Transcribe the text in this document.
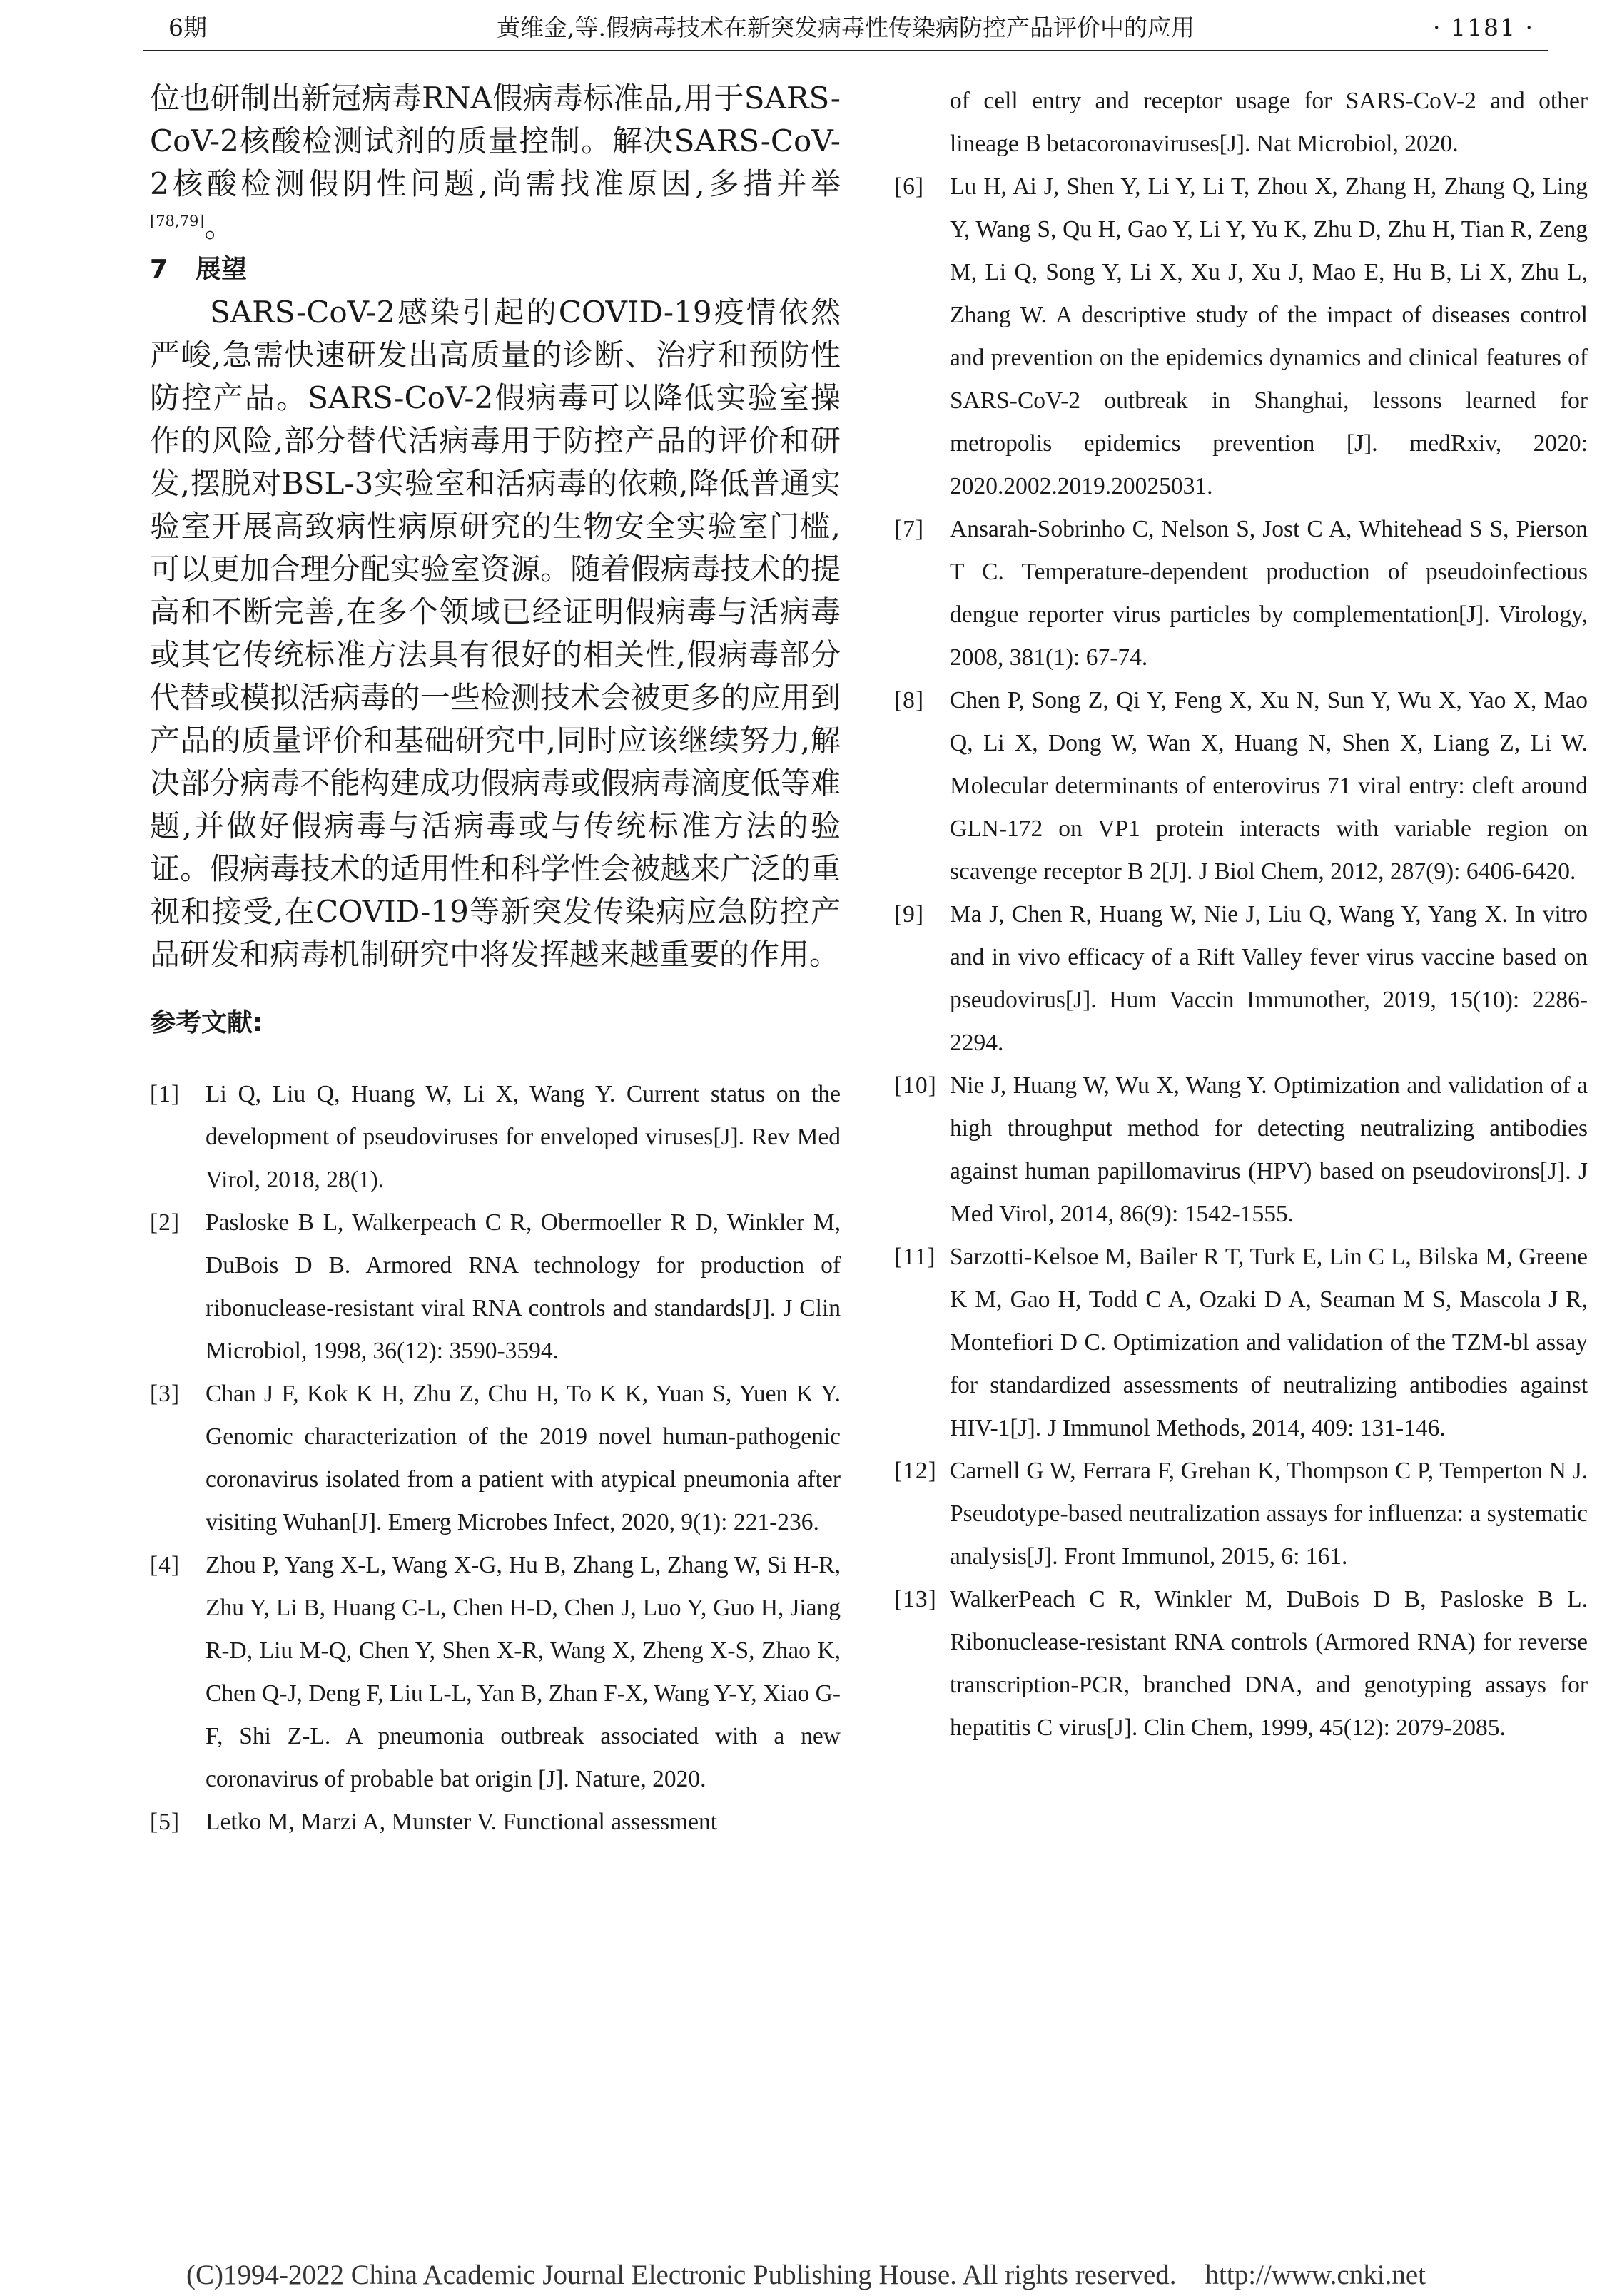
6期	黄维金,等.假病毒技术在新突发病毒性传染病防控产品评价中的应用	· 1181 ·

位也研制出新冠病毒RNA假病毒标准品,用于SARS-CoV-2核酸检测试剂的质量控制。解决SARS-CoV-2核酸检测假阴性问题,尚需找准原因,多措并举[78,79]。

7 展望

SARS-CoV-2感染引起的COVID-19疫情依然严峻,急需快速研发出高质量的诊断、治疗和预防性防控产品。SARS-CoV-2假病毒可以降低实验室操作的风险,部分替代活病毒用于防控产品的评价和研发,摆脱对BSL-3实验室和活病毒的依赖,降低普通实验室开展高致病性病原研究的生物安全实验室门槛,可以更加合理分配实验室资源。随着假病毒技术的提高和不断完善,在多个领域已经证明假病毒与活病毒或其它传统标准方法具有很好的相关性,假病毒部分代替或模拟活病毒的一些检测技术会被更多的应用到产品的质量评价和基础研究中,同时应该继续努力,解决部分病毒不能构建成功假病毒或假病毒滴度低等难题,并做好假病毒与活病毒或与传统标准方法的验证。假病毒技术的适用性和科学性会被越来广泛的重视和接受,在COVID-19等新突发传染病应急防控产品研发和病毒机制研究中将发挥越来越重要的作用。

参考文献:
[1] Li Q, Liu Q, Huang W, Li X, Wang Y. Current status on the development of pseudoviruses for enveloped viruses[J]. Rev Med Virol, 2018, 28(1).
[2] Pasloske B L, Walkerpeach C R, Obermoeller R D, Winkler M, DuBois D B. Armored RNA technology for production of ribonuclease-resistant viral RNA controls and standards[J]. J Clin Microbiol, 1998, 36(12): 3590-3594.
[3] Chan J F, Kok K H, Zhu Z, Chu H, To K K, Yuan S, Yuen K Y. Genomic characterization of the 2019 novel human-pathogenic coronavirus isolated from a patient with atypical pneumonia after visiting Wuhan[J]. Emerg Microbes Infect, 2020, 9(1): 221-236.
[4] Zhou P, Yang X-L, Wang X-G, Hu B, Zhang L, Zhang W, Si H-R, Zhu Y, Li B, Huang C-L, Chen H-D, Chen J, Luo Y, Guo H, Jiang R-D, Liu M-Q, Chen Y, Shen X-R, Wang X, Zheng X-S, Zhao K, Chen Q-J, Deng F, Liu L-L, Yan B, Zhan F-X, Wang Y-Y, Xiao G-F, Shi Z-L. A pneumonia outbreak associated with a new coronavirus of probable bat origin [J]. Nature, 2020.
[5] Letko M, Marzi A, Munster V. Functional assessment
of cell entry and receptor usage for SARS-CoV-2 and other lineage B betacoronaviruses[J]. Nat Microbiol, 2020.
[6] Lu H, Ai J, Shen Y, Li Y, Li T, Zhou X, Zhang H, Zhang Q, Ling Y, Wang S, Qu H, Gao Y, Li Y, Yu K, Zhu D, Zhu H, Tian R, Zeng M, Li Q, Song Y, Li X, Xu J, Xu J, Mao E, Hu B, Li X, Zhu L, Zhang W. A descriptive study of the impact of diseases control and prevention on the epidemics dynamics and clinical features of SARS-CoV-2 outbreak in Shanghai, lessons learned for metropolis epidemics prevention [J]. medRxiv, 2020: 2020.2002.2019.20025031.
[7] Ansarah-Sobrinho C, Nelson S, Jost C A, Whitehead S S, Pierson T C. Temperature-dependent production of pseudoinfectious dengue reporter virus particles by complementation[J]. Virology, 2008, 381(1): 67-74.
[8] Chen P, Song Z, Qi Y, Feng X, Xu N, Sun Y, Wu X, Yao X, Mao Q, Li X, Dong W, Wan X, Huang N, Shen X, Liang Z, Li W. Molecular determinants of enterovirus 71 viral entry: cleft around GLN-172 on VP1 protein interacts with variable region on scavenge receptor B 2[J]. J Biol Chem, 2012, 287(9): 6406-6420.
[9] Ma J, Chen R, Huang W, Nie J, Liu Q, Wang Y, Yang X. In vitro and in vivo efficacy of a Rift Valley fever virus vaccine based on pseudovirus[J]. Hum Vaccin Immunother, 2019, 15(10): 2286-2294.
[10] Nie J, Huang W, Wu X, Wang Y. Optimization and validation of a high throughput method for detecting neutralizing antibodies against human papillomavirus (HPV) based on pseudovirons[J]. J Med Virol, 2014, 86(9): 1542-1555.
[11] Sarzotti-Kelsoe M, Bailer R T, Turk E, Lin C L, Bilska M, Greene K M, Gao H, Todd C A, Ozaki D A, Seaman M S, Mascola J R, Montefiori D C. Optimization and validation of the TZM-bl assay for standardized assessments of neutralizing antibodies against HIV-1[J]. J Immunol Methods, 2014, 409: 131-146.
[12] Carnell G W, Ferrara F, Grehan K, Thompson C P, Temperton N J. Pseudotype-based neutralization assays for influenza: a systematic analysis[J]. Front Immunol, 2015, 6: 161.
[13] WalkerPeach C R, Winkler M, DuBois D B, Pasloske B L. Ribonuclease-resistant RNA controls (Armored RNA) for reverse transcription-PCR, branched DNA, and genotyping assays for hepatitis C virus[J]. Clin Chem, 1999, 45(12): 2079-2085.
(C)1994-2022 China Academic Journal Electronic Publishing House. All rights reserved. http://www.cnki.net
